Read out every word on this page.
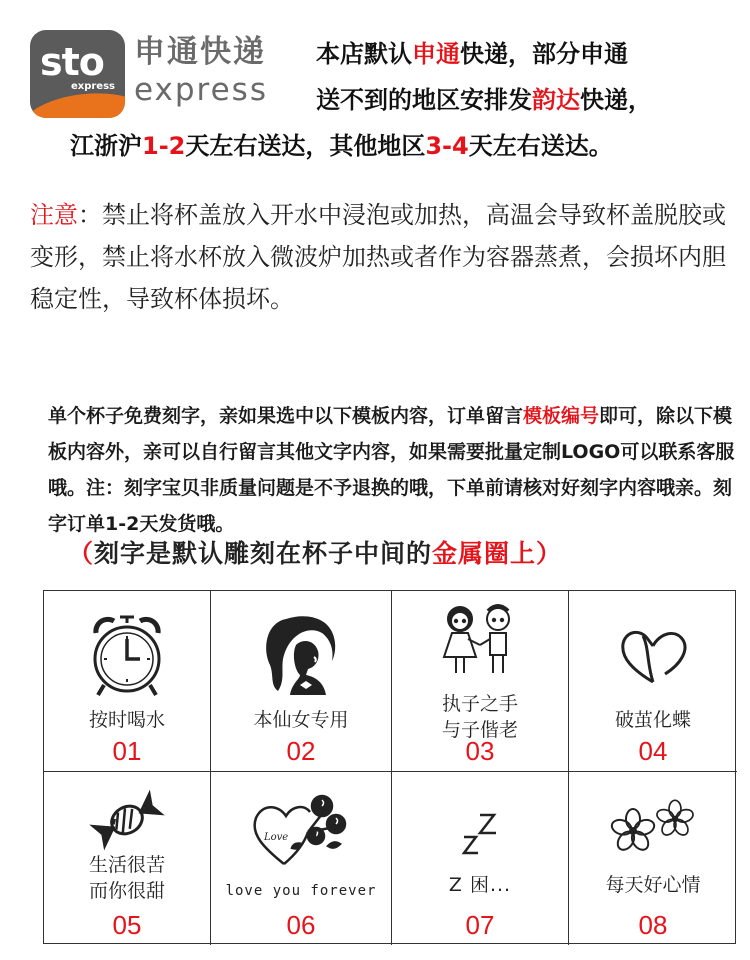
sto
express
申通快递
express
本店默认申通快递，部分申通
送不到的地区安排发韵达快递，
江浙沪1-2天左右送达，其他地区3-4天左右送达。
注意：禁止将杯盖放入开水中浸泡或加热，高温会导致杯盖脱胶或变形，禁止将水杯放入微波炉加热或者作为容器蒸煮，会损坏内胆稳定性，导致杯体损坏。
单个杯子免费刻字，亲如果选中以下模板内容，订单留言模板编号即可，除以下模板内容外，亲可以自行留言其他文字内容，如果需要批量定制LOGO可以联系客服哦。注：刻字宝贝非质量问题是不予退换的哦，下单前请核对好刻字内容哦亲。刻字订单1-2天发货哦。
（刻字是默认雕刻在杯子中间的金属圈上）
按时喝水
01
本仙女专用
02
执子之手
与子偕老
03
破茧化蝶
04
生活很苦
而你很甜
05
Love
love you forever
06
Z 困...
07
每天好心情
08
